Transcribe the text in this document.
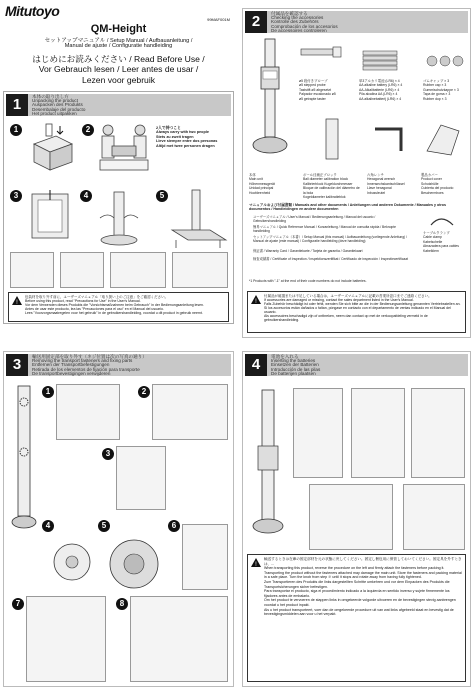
Mitutoyo
99MAF001M
QM-Height
セットアップマニュアル / Setup Manual / Aufbauanleitung /
Manual de ajuste / Configuratie handleiding
はじめにお読みください / Read Before Use /
Vor Gebrauch lesen / Leer antes de usar /
Lezen voor gebruik
1	本体の取り出し方
Unpacking the product
Auspacken des Produkts
Desembalaje del producto
Het product uitpakken
1	2	2人で持つこと
Always carry with two people
Stets zu zweit tragen
Lleve siempre entre dos personas
Altijd met twee personen dragen
3	4	5
!
包装材を取り外す前に、ユーザーズマニュアル「取り扱い上のご注意」をご確認ください。
Before using this product, read "Precautions for Use" in the User's Manual.
Vor dem Verwenden dieses Produkts die "Vorsichtsmaßnahmen beim Gebrauch" in der Bedienungsanleitung lesen.
Antes de usar este producto, lea las "Precauciones para el uso" en el Manual del usuario.
Lees "Voorzorgsmaatregelen voor het gebruik" in de gebruikershandleiding, voordat u dit product in gebruik neemt.
2	付属品を確認する
Checking the accessories
Kontrolle des Zubehörs
Comprobación de los accesorios
De accessoires controleren
ø5 段付きプローブ
ø5 stepped probe
Taststift ø5 abgesetzt
Palpador escalonado ø5
ø5 getrapte taster
単3アルカリ電池 (LR6) × 4
AA alkaline battery (LR6) × 4
AA-Alkalibatterie (LR6) × 4
Pila alcalina AA (LR6) × 4
AA alkalinebatterij (LR6) × 4
ゴムキャップ × 3
Rubber cap × 3
Gummischutzkappe × 3
Tapa de goma × 3
Rubber dop × 3
本体
Main unit
Höhenmessgerät
Unidad principal
Hoofdeenheid
ボール径補正ブロック
Ball diameter calibration block
Kalibrierblock Kugeldurchmesser
Bloque de calibración del diámetro de la bola
Kogeldiameter kalibratieblok
六角レンチ
Hexagonal wrench
Innensechskantschlüssel
Llave hexagonal
Inbussleutel
製品カバー
Product cover
Schutzhülle
Cubierta del producto
Beschermhoes
マニュアルおよび付属書類 / Manuals and other documents / Anleitungen und anderen Dokumente / Manuales y otros documentos / Handleidingen en andere documenten
ユーザーズマニュアル / User's Manual / Bedienungsanleitung / Manual del usuario / Gebruikershandleiding
簡易マニュアル / Quick Reference Manual / Kurzanleitung / Manual de consulta rápida / Beknopte handleiding
セットアップマニュアル（本書）/ Setup Manual (this manual) / Aufbauanleitung (vorliegende Anleitung) / Manual de ajuste (este manual) / Configuratie handleiding (deze handleiding)
保証書 / Warranty Card / Garantiekarte / Tarjeta de garantía / Garantiekaart
検査成績書 / Certificate of Inspection / Inspektionszertifikat / Certificado de inspección / Inspectiecertificaat
ケーブルクランプ
Cable clamp
Kabelschelle
Abrazadera para cables
Kabelklem
*1 Products with "-1" at the end of their code numbers do not include batteries.
!
付属品が破損または不足している場合は、ユーザーズマニュアルに記載の営業所窓口までご連絡ください。
If accessories are damaged or missing, contact the sales department listed in the User's Manual.
Falls Zubehör beschädigt ist oder fehlt, wenden Sie sich bitte an die in der Bedienungsanleitung genannten Vertriebsstellen an.
Si los accesorios están dañados o faltan, póngase en contacto con el departamento de ventas indicado en el Manual del usuario.
Als accessoires beschadigd zijn of ontbreken, neem dan contact op met de verkoopafdeling vermeld in de gebruikershandleiding.
3	輸送用固定部を取り外す（ネジ位置は次の写真の通り）
Removing the transport fasteners and fixing parts
Entfernen der Transportbefestigungen
Retirada de los elementos de fijación para transporte
De transportbevestigingen verwijderen
1	2
3
4	5	6
7	8
4	電池を入れる
Inserting the batteries
Einsetzen der Batterien
Introducción de las pilas
De batterijen plaatsen
!
輸送するときは在庫の固定部材を元の状態に戻してください。固定し梱包用に保管しておいてください。固定具を外すときは、...
When transporting this product, reverse the procedure on the left and firmly attach the fasteners before packing it. Transporting the product without the fasteners attached may damage the main unit. Store the fasteners and packing material in a safe place. Turn the knob from step ⑦ until it stops and rotate away from having fully tightened.
Zum Transportieren des Produkts die links dargestellten Schritte umkehren und vor dem Einpacken des Produkts die Transportsicherungen sicher befestigen.
Para transportar el producto, siga el procedimiento indicado a la izquierda en sentido inverso y sujete firmemente los fijadores antes de embalarlo.
Om het product te vervoeren de stappen links in omgekeerde volgorde uitvoeren en de bevestigingen stevig aanbrengen voordat u het product inpakt.
Als u het product transporteert, voer dan de omgekeerde procedure uit van wat links afgebeeld staat en bevestig dat de bevestigingsmiddelen aan voor u het verpakt.
